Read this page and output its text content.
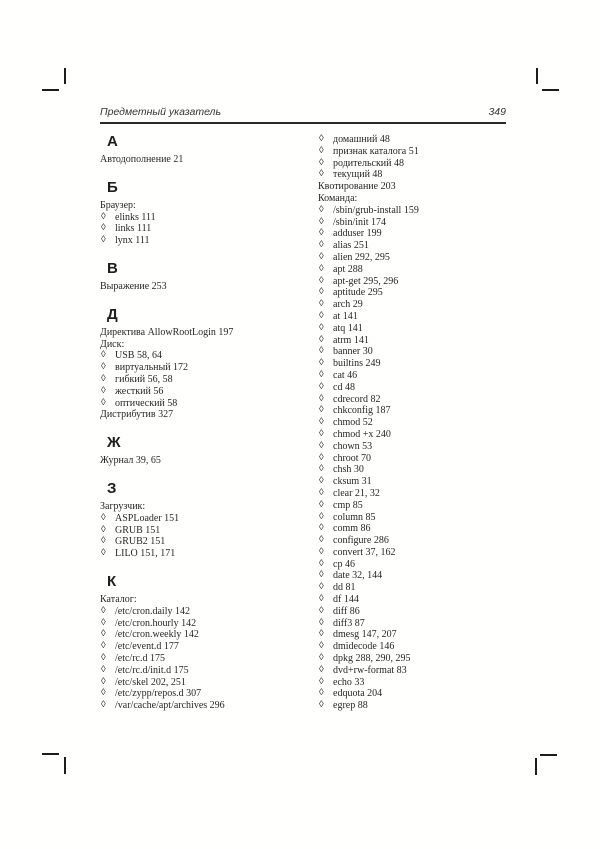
Предметный указатель	349
А
Автодополнение 21
Б
Браузер:
◊ elinks 111
◊ links 111
◊ lynx 111
В
Выражение 253
Д
Директива AllowRootLogin 197
Диск:
◊ USB 58, 64
◊ виртуальный 172
◊ гибкий 56, 58
◊ жесткий 56
◊ оптический 58
Дистрибутив 327
Ж
Журнал 39, 65
З
Загрузчик:
◊ ASPLoader 151
◊ GRUB 151
◊ GRUB2 151
◊ LILO 151, 171
К
Каталог:
◊ /etc/cron.daily 142
◊ /etc/cron.hourly 142
◊ /etc/cron.weekly 142
◊ /etc/event.d 177
◊ /etc/rc.d 175
◊ /etc/rc.d/init.d 175
◊ /etc/skel 202, 251
◊ /etc/zypp/repos.d 307
◊ /var/cache/apt/archives 296
◊ домашний 48
◊ признак каталога 51
◊ родительский 48
◊ текущий 48
Квотирование 203
Команда:
◊ /sbin/grub-install 159
◊ /sbin/init 174
◊ adduser 199
◊ alias 251
◊ alien 292, 295
◊ apt 288
◊ apt-get 295, 296
◊ aptitude 295
◊ arch 29
◊ at 141
◊ atq 141
◊ atrm 141
◊ banner 30
◊ builtins 249
◊ cat 46
◊ cd 48
◊ cdrecord 82
◊ chkconfig 187
◊ chmod 52
◊ chmod +x 240
◊ chown 53
◊ chroot 70
◊ chsh 30
◊ cksum 31
◊ clear 21, 32
◊ cmp 85
◊ column 85
◊ comm 86
◊ configure 286
◊ convert 37, 162
◊ cp 46
◊ date 32, 144
◊ dd 81
◊ df 144
◊ diff 86
◊ diff3 87
◊ dmesg 147, 207
◊ dmidecode 146
◊ dpkg 288, 290, 295
◊ dvd+rw-format 83
◊ echo 33
◊ edquota 204
◊ egrep 88
